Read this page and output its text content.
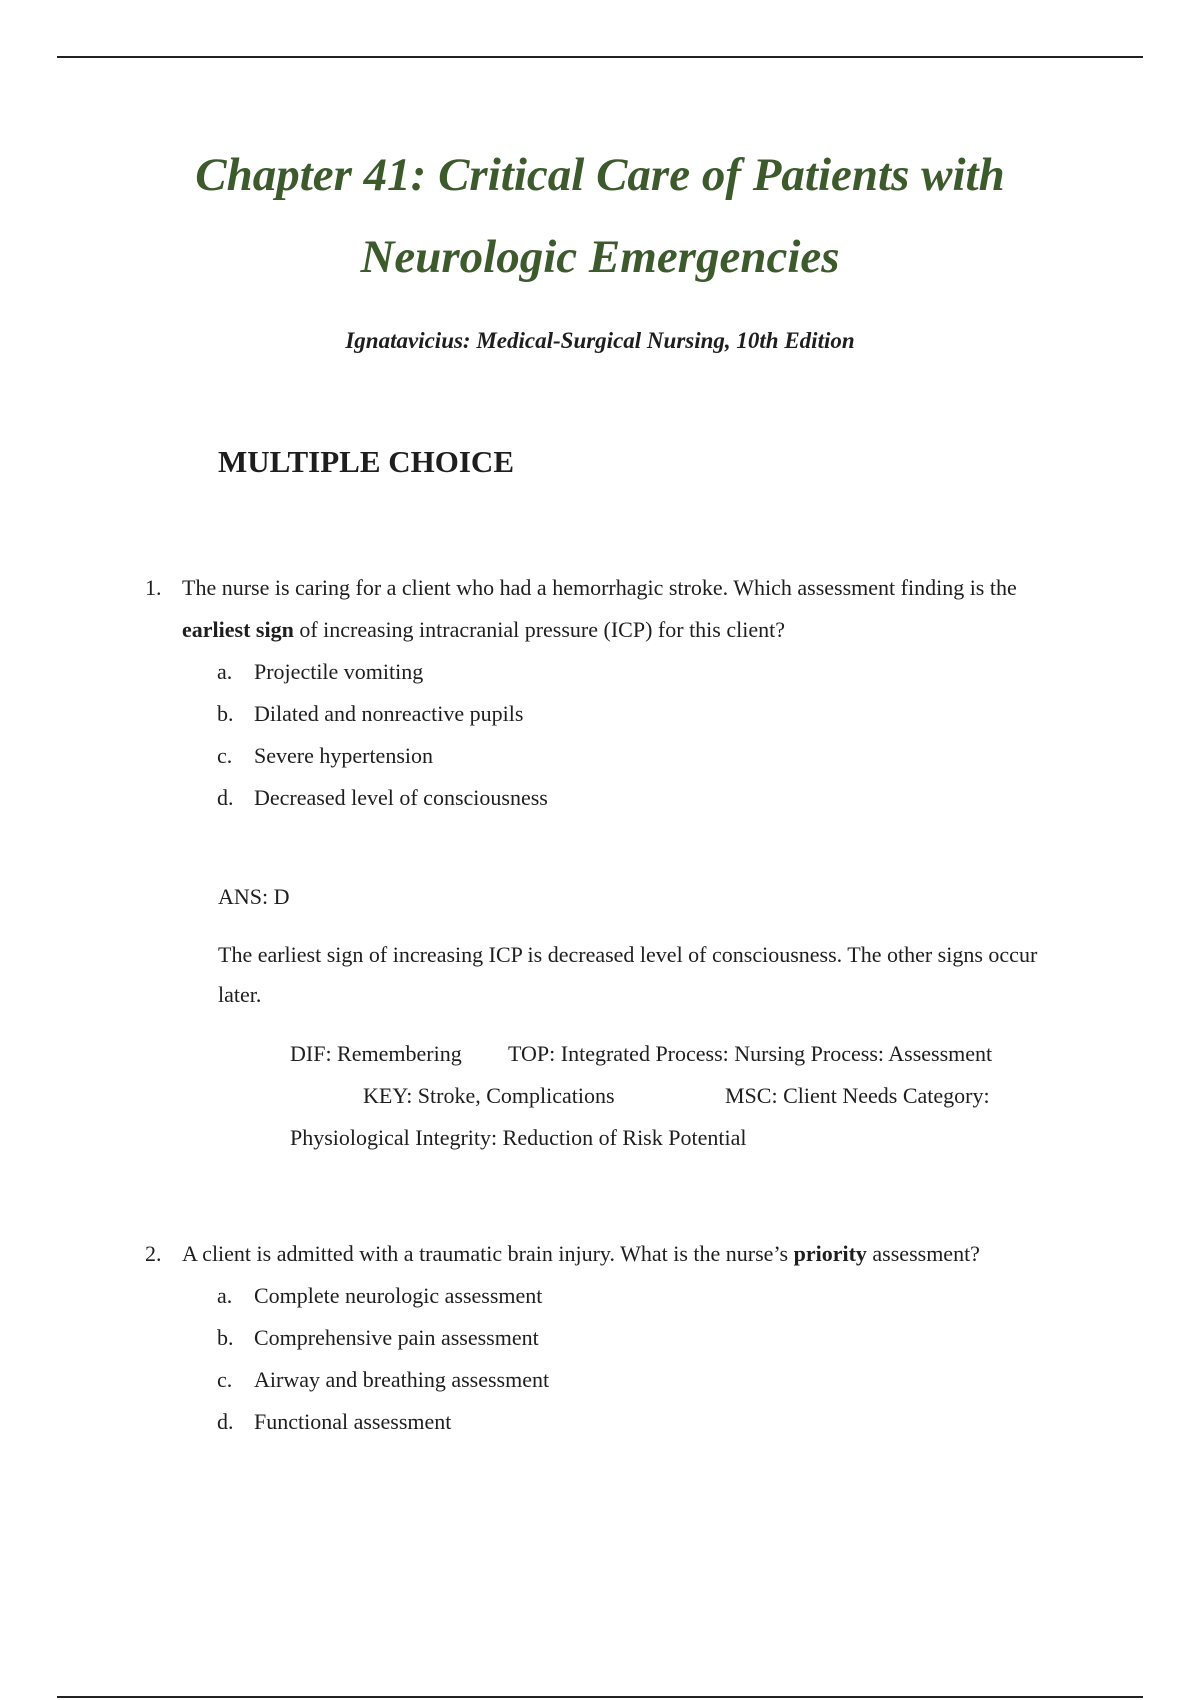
Chapter 41: Critical Care of Patients with
Neurologic Emergencies

Ignatavicius: Medical-Surgical Nursing, 10th Edition

MULTIPLE CHOICE
1. The nurse is caring for a client who had a hemorrhagic stroke. Which assessment finding is the earliest sign of increasing intracranial pressure (ICP) for this client?
a. Projectile vomiting
b. Dilated and nonreactive pupils
c. Severe hypertension
d. Decreased level of consciousness
ANS: D
The earliest sign of increasing ICP is decreased level of consciousness. The other signs occur later.
DIF: Remembering TOP: Integrated Process: Nursing Process: Assessment
KEY: Stroke, Complications	MSC: Client Needs Category:
Physiological Integrity: Reduction of Risk Potential
2. A client is admitted with a traumatic brain injury. What is the nurse’s priority assessment?
a. Complete neurologic assessment
b. Comprehensive pain assessment
c. Airway and breathing assessment
d. Functional assessment
